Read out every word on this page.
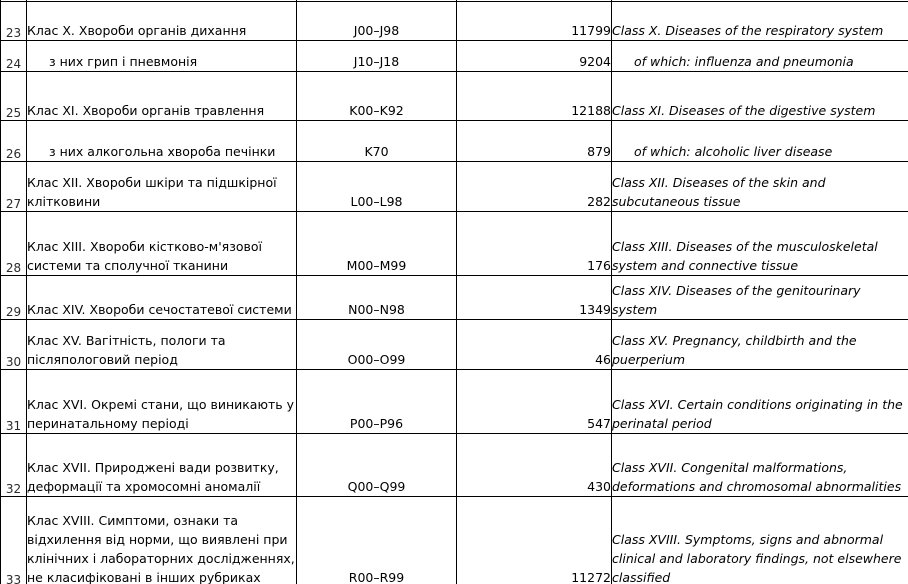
23	Клас X. Хвороби органів дихання	J00–J98	11799	Class X. Diseases of the respiratory system

24	з них грип і пневмонія	J10–J18	9204	of which: influenza and pneumonia

25	Клас XI. Хвороби органів травлення	K00–K92	12188	Class XI. Diseases of the digestive system

26	з них алкогольна хвороба печінки	K70	879	of which: alcoholic liver disease

27	Клас XII. Хвороби шкіри та підшкірної клітковини	L00–L98	282	Class XII. Diseases of the skin and subcutaneous tissue

28	Клас XIII. Хвороби кістково-м'язової системи та сполучної тканини	M00–M99	176	Class XIII. Diseases of the musculoskeletal system and connective tissue

29	Клас XIV. Хвороби сечостатевої системи	N00–N98	1349	Class XIV. Diseases of the genitourinary system

30	Клас XV. Вагітність, пологи та післяпологовий період	O00–O99	46	Class XV. Pregnancy, childbirth and the puerperium

31	Клас XVI. Окремі стани, що виникають у перинатальному періоді	P00–P96	547	Class XVI. Certain conditions originating in the perinatal period

32	Клас XVII. Природжені вади розвитку, деформації та хромосомні аномалії	Q00–Q99	430	Class XVII. Congenital malformations, deformations and chromosomal abnormalities

33	Клас XVIII. Симптоми, ознаки та відхилення від норми, що виявлені при клінічних і лабораторних дослідженнях, не класифіковані в інших рубриках	R00–R99	11272	Class XVIII. Symptoms, signs and abnormal clinical and laboratory findings, not elsewhere classified
